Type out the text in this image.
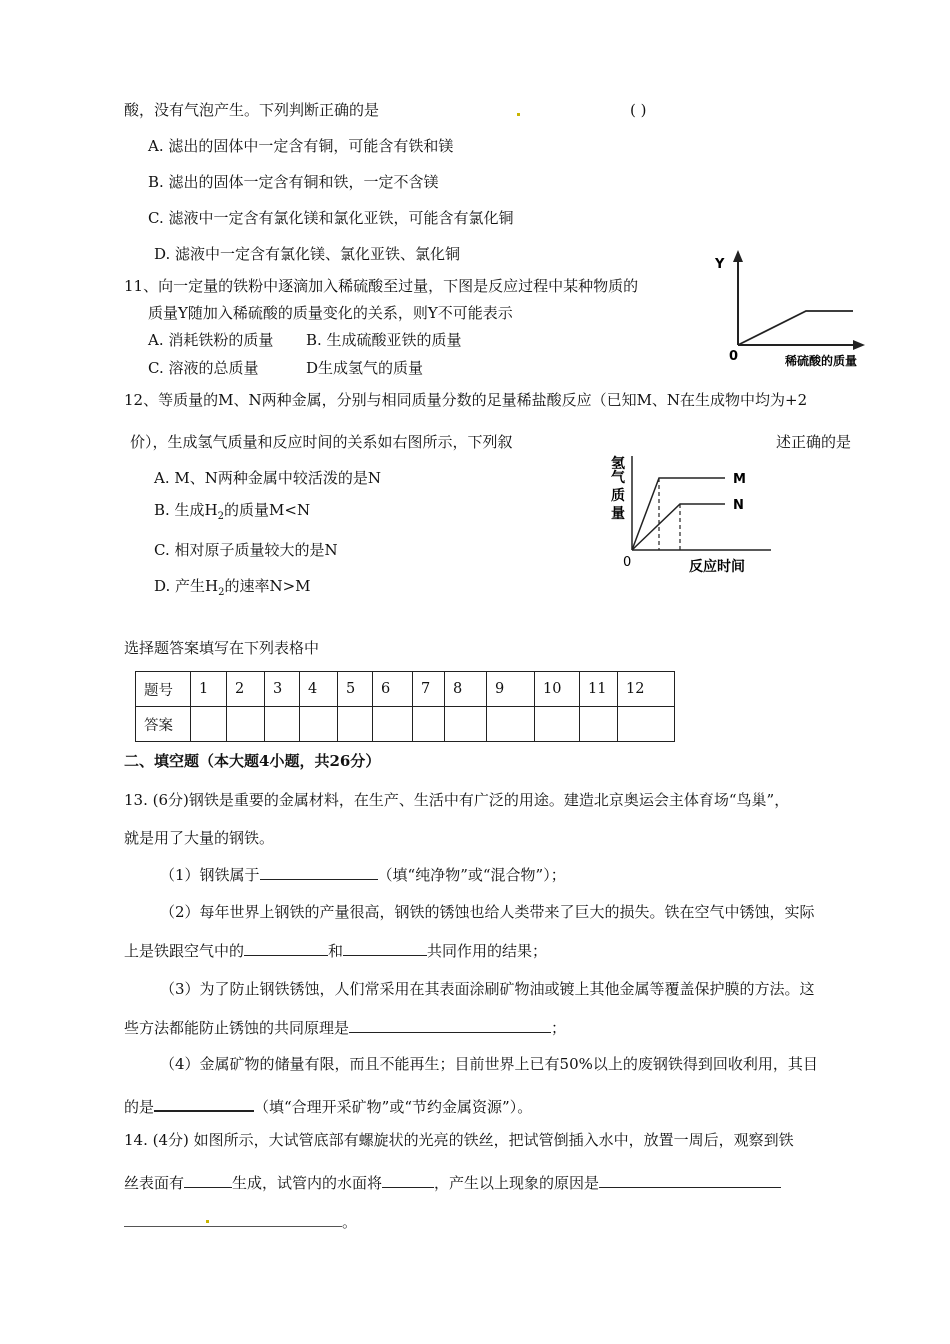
酸，没有气泡产生。下列判断正确的是	( )
A. 滤出的固体中一定含有铜，可能含有铁和镁
B. 滤出的固体一定含有铜和铁，一定不含镁
C. 滤液中一定含有氯化镁和氯化亚铁，可能含有氯化铜
D. 滤液中一定含有氯化镁、氯化亚铁、氯化铜
11、向一定量的铁粉中逐滴加入稀硫酸至过量，下图是反应过程中某种物质的
质量Y随加入稀硫酸的质量变化的关系，则Y不可能表示
A. 消耗铁粉的质量 B. 生成硫酸亚铁的质量
C. 溶液的总质量	D生成氢气的质量
Y
0	稀硫酸的质量
12、等质量的M、N两种金属，分别与相同质量分数的足量稀盐酸反应（已知M、N在生成物中均为+2
价），生成氢气质量和反应时间的关系如右图所示，下列叙	述正确的是
A. M、N两种金属中较活泼的是N
B. 生成$H_2$的质量M<N
C. 相对原子质量较大的是N
D. 产生$H_2$的速率N>M
氢
气
质
量
0	反应时间
M
N
选择题答案填写在下列表格中
题号	1	2	3	4	5	6	7	8	9	10	11	12
答案												
二、填空题（本大题4小题，共26分）
13. (6分)钢铁是重要的金属材料，在生产、生活中有广泛的用途。建造北京奥运会主体育场“鸟巢”，
就是用了大量的钢铁。
（1）钢铁属于	（填“纯净物”或“混合物”）；
（2）每年世界上钢铁的产量很高，钢铁的锈蚀也给人类带来了巨大的损失。铁在空气中锈蚀，实际
上是铁跟空气中的	和	共同作用的结果；
（3）为了防止钢铁锈蚀，人们常采用在其表面涂刷矿物油或镀上其他金属等覆盖保护膜的方法。这
些方法都能防止锈蚀的共同原理是	；
（4）金属矿物的储量有限，而且不能再生；目前世界上已有50%以上的废钢铁得到回收利用，其目
的是	（填“合理开采矿物”或“节约金属资源”）。
14. (4分) 如图所示，大试管底部有螺旋状的光亮的铁丝，把试管倒插入水中，放置一周后，观察到铁
丝表面有	生成，试管内的水面将	，产生以上现象的原因是
。
